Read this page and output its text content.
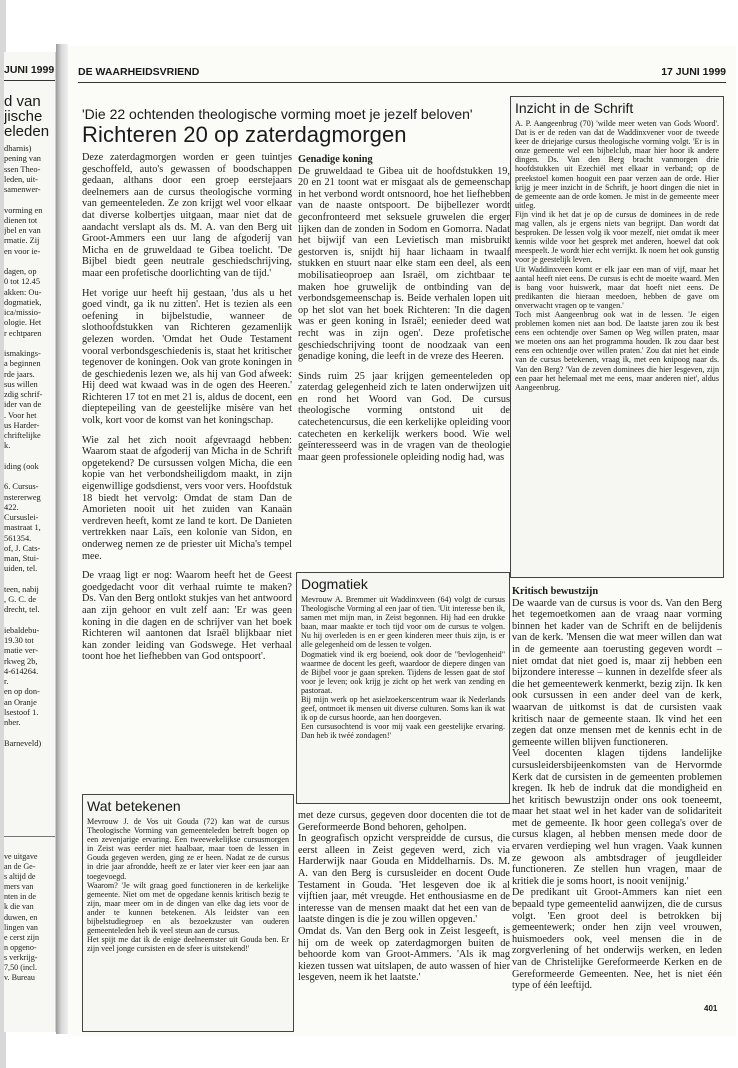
JUNI 1999
d van
jische
eleden
dharnis)
pening van
ssen Theo-
leden, uit-
samenwer-
vorming en
dienen tot
jbel en van
rmatie. Zij
en voor ie-
dagen, op
0 tot 12.45
akken: Ou-
dogmatiek,
ica/missio-
ologie. Het
r echtparen
ismakings-
a beginnen
rde jaars.
sus willen
zdig schrif-
ider van de
. Voor het
us Harder-
chriftelijke
k.
iding (ook
6. Cursus-
nstererweg
422.
Cursuslei-
mastraat 1,
561354.
of, J. Cats-
man, Stui-
uiden, tel.
teen, nabij
, G. C. de
drecht, tel.
iebaldebu-
19.30 tot
matie ver-
rkweg 2b,
4-614264.
r.
en op don-
an Oranje
lsestoof 1.
nber.
Barneveld)
ve uitgave
an de Ge-
s altijd de
mers van
nten in de
k die van
duwen, en
lingen van
e cerst zijn
n opgeno-
s verkrijg-
7,50 (incl.
v. Bureau
DE WAARHEIDSVRIEND	17 JUNI 1999
'Die 22 ochtenden theologische vorming moet je jezelf beloven'
Richteren 20 op zaterdagmorgen

Deze zaterdagmorgen worden er geen tuintjes geschoffeld, auto's gewassen of boodschappen gedaan, althans door een groep eerstejaars deelnemers aan de cursus theologische vorming van gemeenteleden. Ze zon krijgt wel voor elkaar dat diverse kolbertjes uitgaan, maar niet dat de aandacht verslapt als ds. M. A. van den Berg uit Groot-Ammers een uur lang de afgoderij van Micha en de gruweldaad te Gibea toelicht. 'De Bijbel biedt geen neutrale geschiedschrijving, maar een profetische doorlichting van de tijd.'

Het vorige uur heeft hij gestaan, 'dus als u het goed vindt, ga ik nu zitten'. Het is tezien als een oefening in bijbelstudie, wanneer de slothoofdstukken van Richteren gezamenlijk gelezen worden. 'Omdat het Oude Testament vooral verbondsgeschiedenis is, staat het kritischer tegenover de koningen. Ook van grote koningen in de geschiedenis lezen we, als hij van God afweek: Hij deed wat kwaad was in de ogen des Heeren.' Richteren 17 tot en met 21 is, aldus de docent, een dieptepeiling van de geestelijke misère van het volk, kort voor de komst van het koningschap.

Wie zal het zich nooit afgevraagd hebben: Waarom staat de afgoderij van Micha in de Schrift opgetekend? De cursussen volgen Micha, die een kopie van het verbondsheiligdom maakt, in zijn eigenwillige godsdienst, vers voor vers. Hoofdstuk 18 biedt het vervolg: Omdat de stam Dan de Amorieten nooit uit het zuiden van Kanaän verdreven heeft, komt ze land te kort. De Danieten vertrekken naar Laïs, een kolonie van Sidon, en onderweg nemen ze de priester uit Micha's tempel mee.

De vraag ligt er nog: Waarom heeft het de Geest goedgedacht voor dit verhaal ruimte te maken? Ds. Van den Berg ontlokt stukjes van het antwoord aan zijn gehoor en vult zelf aan: 'Er was geen koning in die dagen en de schrijver van het boek Richteren wil aantonen dat Israël blijkbaar niet kan zonder leiding van Godswege. Het verhaal toont hoe het liefhebben van God ontspoort'.

Genadige koning

De gruweldaad te Gibea uit de hoofdstukken 19, 20 en 21 toont wat er misgaat als de gemeenschap in het verbond wordt ontsnoord, hoe het liefhebben van de naaste ontspoort. De bijbellezer wordt geconfronteerd met seksuele gruwelen die erger lijken dan de zonden in Sodom en Gomorra. Nadat het bijwijf van een Levietisch man misbruikt gestorven is, snijdt hij haar lichaam in twaalf stukken en stuurt naar elke stam een deel, als een mobilisatieoproep aan Israël, om zichtbaar te maken hoe gruwelijk de ontbinding van de verbondsgemeenschap is. Beide verhalen lopen uit op het slot van het boek Richteren: 'In die dagen was er geen koning in Israël; eenieder deed wat recht was in zijn ogen'. Deze profetische geschiedschrijving toont de noodzaak van een genadige koning, die leeft in de vreze des Heeren.

Sinds ruim 25 jaar krijgen gemeenteleden op zaterdag gelegenheid zich te laten onderwijzen uit en rond het Woord van God. De cursus theologische vorming ontstond uit de catechetencursus, die een kerkelijke opleiding voor catecheten en kerkelijk werkers bood. Wie wel geïnteresseerd was in de vragen van de theologie maar geen professionele opleiding nodig had, was

Inzicht in de Schrift

A. P. Aangeenbrug (70) 'wilde meer weten van Gods Woord'. Dat is er de reden van dat de Waddinxvener voor de tweede keer de driejarige cursus theologische vorming volgt. 'Er is in onze gemeente wel een bijbelclub, maar hier hoor ik andere dingen. Ds. Van den Berg bracht vanmorgen drie hoofdstukken uit Ezechiël met elkaar in verband; op de preekstoel komen hooguit een paar verzen aan de orde. Hier krijg je meer inzicht in de Schrift, je hoort dingen die niet in de gemeente aan de orde komen. Je mist in de gemeente meer uitleg.

Fijn vind ik het dat je op de cursus de dominees in de rede mag vallen, als je ergens niets van begrijpt. Dan wordt dat besproken. De lessen volg ik voor mezelf, niet omdat ik meer kennis wilde voor het gesprek met anderen, hoewel dat ook meespeelt. Je wordt hier echt verrijkt. Ik noem het ook gunstig voor je geestelijk leven.

Uit Waddinxveen komt er elk jaar een man of vijf, maar het aantal heeft niet eens. De cursus is echt de moeite waard. Men is bang voor huiswerk, maar dat hoeft niet eens. De predikanten die hieraan meedoen, hebben de gave om onverwacht vragen op te vangen.'

Toch mist Aangeenbrug ook wat in de lessen. 'Je eigen problemen komen niet aan bod. De laatste jaren zou ik best eens een ochtendje over Samen op Weg willen praten, maar we moeten ons aan het programma houden. Ik zou daar best eens een ochtendje over willen praten.' Zou dat niet het einde van de cursus betekenen, vraag ik, met een knipoog naar ds. Van den Berg? 'Van de zeven dominees die hier lesgeven, zijn een paar het helemaal met me eens, maar anderen niet', aldus Aangeenbrug.

Kritisch bewustzijn

De waarde van de cursus is voor ds. Van den Berg het tegemoetkomen aan de vraag naar vorming binnen het kader van de Schrift en de belijdenis van de kerk. 'Mensen die wat meer willen dan wat in de gemeente aan toerusting gegeven wordt – niet omdat dat niet goed is, maar zij hebben een bijzondere interesse – kunnen in dezelfde sfeer als die het gemeentewerk kenmerkt, bezig zijn. Ik ken ook cursussen in een ander deel van de kerk, waarvan de uitkomst is dat de cursisten vaak kritisch naar de gemeente staan. Ik vind het een zegen dat onze mensen met de kennis echt in de gemeente willen blijven functioneren.

Veel docenten klagen tijdens landelijke cursusleidersbijeenkomsten van de Hervormde Kerk dat de cursisten in de gemeenten problemen kregen. Ik heb de indruk dat die mondigheid en het kritisch bewustzijn onder ons ook toeneemt, maar het staat wel in het kader van de solidariteit met de gemeente. Ik hoor geen collega's over de cursus klagen, al hebben mensen mede door de ervaren verdieping wel hun vragen. Vaak kunnen ze gewoon als ambtsdrager of jeugdleider functioneren. Ze stellen hun vragen, maar de kritiek die je soms hoort, is nooit venijnig.'

De predikant uit Groot-Ammers kan niet een bepaald type gemeentelid aanwijzen, die de cursus volgt. 'Een groot deel is betrokken bij gemeentewerk; onder hen zijn veel vrouwen, huismoeders ook, veel mensen die in de zorgverlening of het onderwijs werken, en leden van de Christelijke Gereformeerde Kerken en de Gereformeerde Gemeenten. Nee, het is niet één type of één leeftijd.

Dogmatiek

Mevrouw A. Bremmer uit Waddinxveen (64) volgt de cursus Theologische Vorming al een jaar of tien. 'Uit interesse ben ik, samen met mijn man, in Zeist begonnen. Hij had een drukke baan, maar maakte er toch tijd voor om de cursus te volgen. Nu hij overleden is en er geen kinderen meer thuis zijn, is er alle gelegenheid om de lessen te volgen.

Dogmatiek vind ik erg boeiend, ook door de "bevlogenheid" waarmee de docent les geeft, waardoor de diepere dingen van de Bijbel voor je gaan spreken. Tijdens de lessen gaat de stof voor je leven; ook krijg je zicht op het werk van zending en pastoraat.

Bij mijn werk op het asielzoekerscentrum waar ik Nederlands geef, ontmoet ik mensen uit diverse culturen. Soms kan ik wat ik op de cursus hoorde, aan hen doorgeven.

Een cursusochtend is voor mij vaak een geestelijke ervaring. Dan heb ik twéé zondagen!'

met deze cursus, gegeven door docenten die tot de Gereformeerde Bond behoren, geholpen.

In geografisch opzicht verspreidde de cursus, die eerst alleen in Zeist gegeven werd, zich via Harderwijk naar Gouda en Middelharnis. Ds. M. A. van den Berg is cursusleider en docent Oude Testament in Gouda. 'Het lesgeven doe ik al vijftien jaar, mét vreugde. Het enthousiasme en de interesse van de mensen maakt dat het een van de laatste dingen is die je zou willen opgeven.'

Omdat ds. Van den Berg ook in Zeist lesgeeft, is hij om de week op zaterdagmorgen buiten de behoorde kom van Groot-Ammers. 'Als ik mag kiezen tussen wat uitslapen, de auto wassen of hier lesgeven, neem ik het laatste.'

Wat betekenen

Mevrouw J. de Vos uit Gouda (72) kan wat de cursus Theologische Vorming van gemeenteleden betreft bogen op een zevenjarige ervaring. Een tweewekelijkse cursusmorgen in Zeist was eerder niet haalbaar, maar toen de lessen in Gouda gegeven werden, ging ze er heen. Nadat ze de cursus in drie jaar afrondde, heeft ze er later vier keer een jaar aan toegevoegd.

Waarom? 'Je wilt graag goed functioneren in de kerkelijke gemeente. Niet om met de opgedane kennis kritisch bezig te zijn, maar meer om in de dingen van elke dag iets voor de ander te kunnen betekenen. Als leidster van een bijbelstudiegroep en als bezoekzuster van ouderen gemeenteleden heb ik veel steun aan de cursus.

Het spijt me dat ik de enige deelneemster uit Gouda ben. Er zijn veel jonge cursisten en de sfeer is uitstekend!'

401
